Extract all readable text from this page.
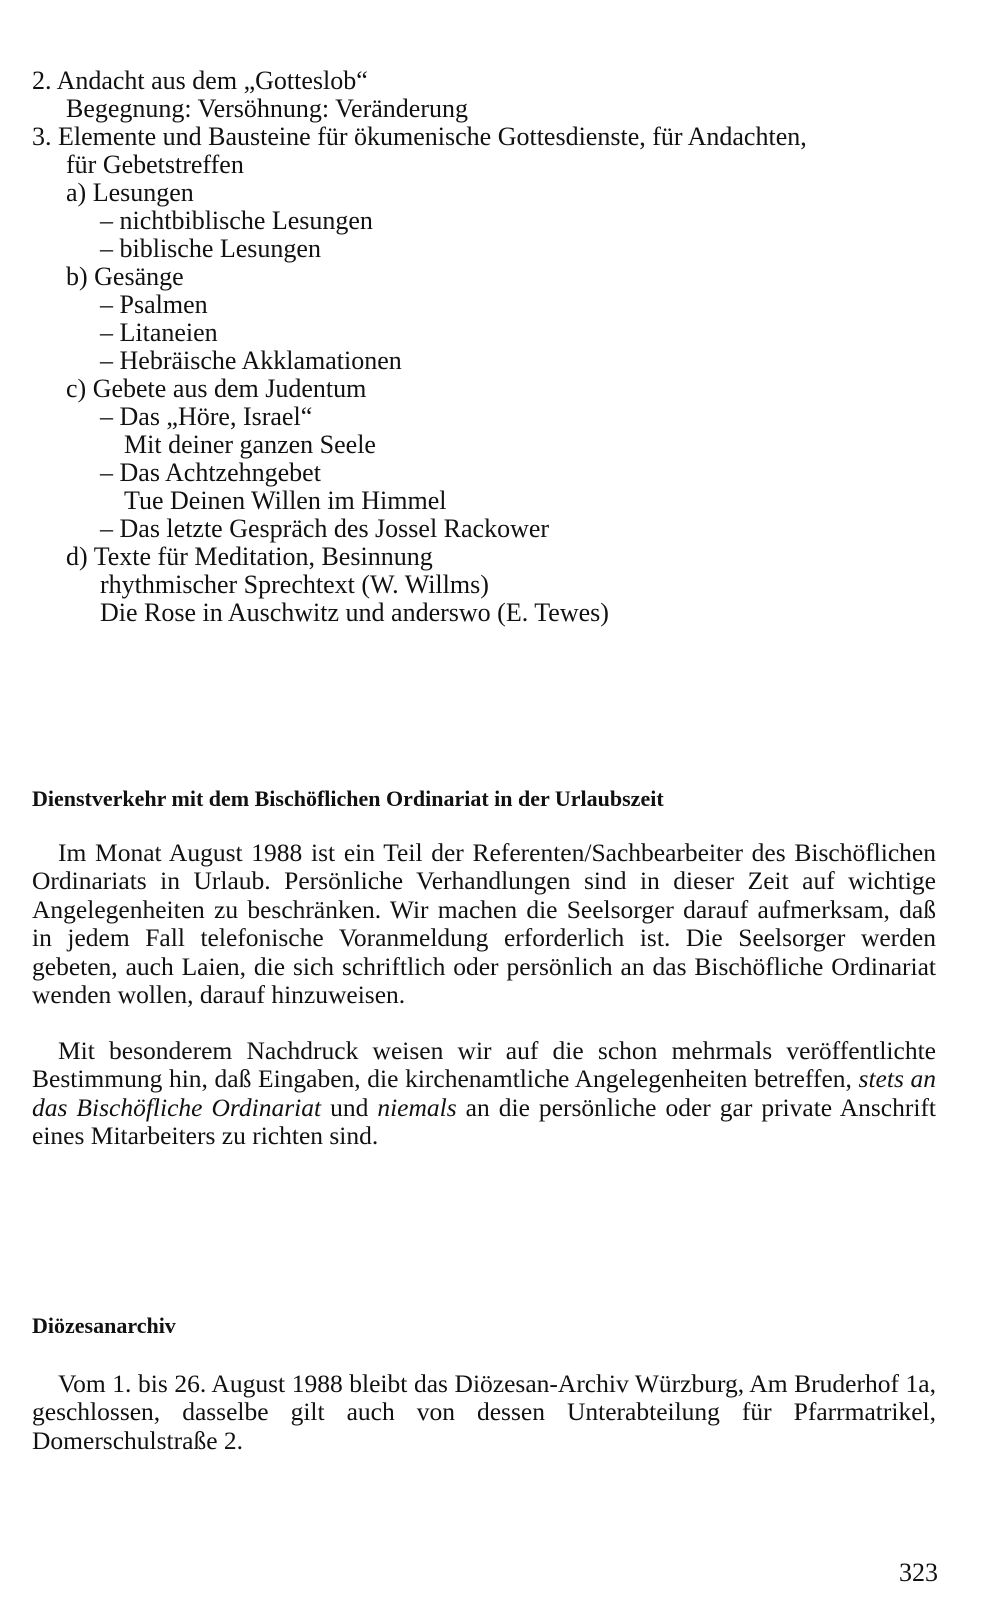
2. Andacht aus dem „Gotteslob“
Begegnung: Versöhnung: Veränderung
3. Elemente und Bausteine für ökumenische Gottesdienste, für Andachten,
für Gebetstreffen
a) Lesungen
– nichtbiblische Lesungen
– biblische Lesungen
b) Gesänge
– Psalmen
– Litaneien
– Hebräische Akklamationen
c) Gebete aus dem Judentum
– Das „Höre, Israel“
Mit deiner ganzen Seele
– Das Achtzehngebet
Tue Deinen Willen im Himmel
– Das letzte Gespräch des Jossel Rackower
d) Texte für Meditation, Besinnung
rhythmischer Sprechtext (W. Willms)
Die Rose in Auschwitz und anderswo (E. Tewes)
Dienstverkehr mit dem Bischöflichen Ordinariat in der Urlaubszeit
Im Monat August 1988 ist ein Teil der Referenten/Sachbearbeiter des Bischöflichen Ordinariats in Urlaub. Persönliche Verhandlungen sind in dieser Zeit auf wichtige Angelegenheiten zu beschränken. Wir machen die Seelsorger darauf aufmerksam, daß in jedem Fall telefonische Voranmeldung erforderlich ist. Die Seelsorger werden gebeten, auch Laien, die sich schriftlich oder persönlich an das Bischöfliche Ordinariat wenden wollen, darauf hinzuweisen.
Mit besonderem Nachdruck weisen wir auf die schon mehrmals veröffentlichte Bestimmung hin, daß Eingaben, die kirchenamtliche Angelegenheiten betreffen, stets an das Bischöfliche Ordinariat und niemals an die persönliche oder gar private Anschrift eines Mitarbeiters zu richten sind.
Diözesanarchiv
Vom 1. bis 26. August 1988 bleibt das Diözesan-Archiv Würzburg, Am Bruderhof 1a, geschlossen, dasselbe gilt auch von dessen Unterabteilung für Pfarrmatrikel, Domerschulstraße 2.
323
